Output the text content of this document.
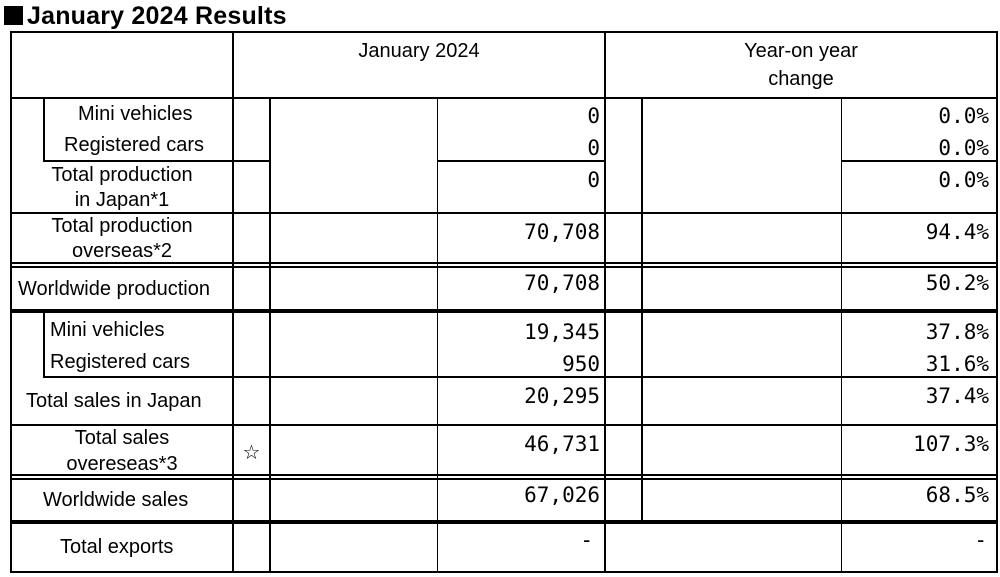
January 2024 Results
January 2024	Year-on year
change
Mini vehicles	0	0.0%
Registered cars	0	0.0%
Total production
in Japan*1
0	0.0%
Total production
overseas*2
70,708	94.4%
Worldwide production	70,708	50.2%
Mini vehicles	19,345	37.8%
Registered cars	950	31.6%
Total sales in Japan	20,295	37.4%
Total sales
overeseas*3	☆	46,731	107.3%
Worldwide sales	67,026	68.5%
Total exports	-	-
